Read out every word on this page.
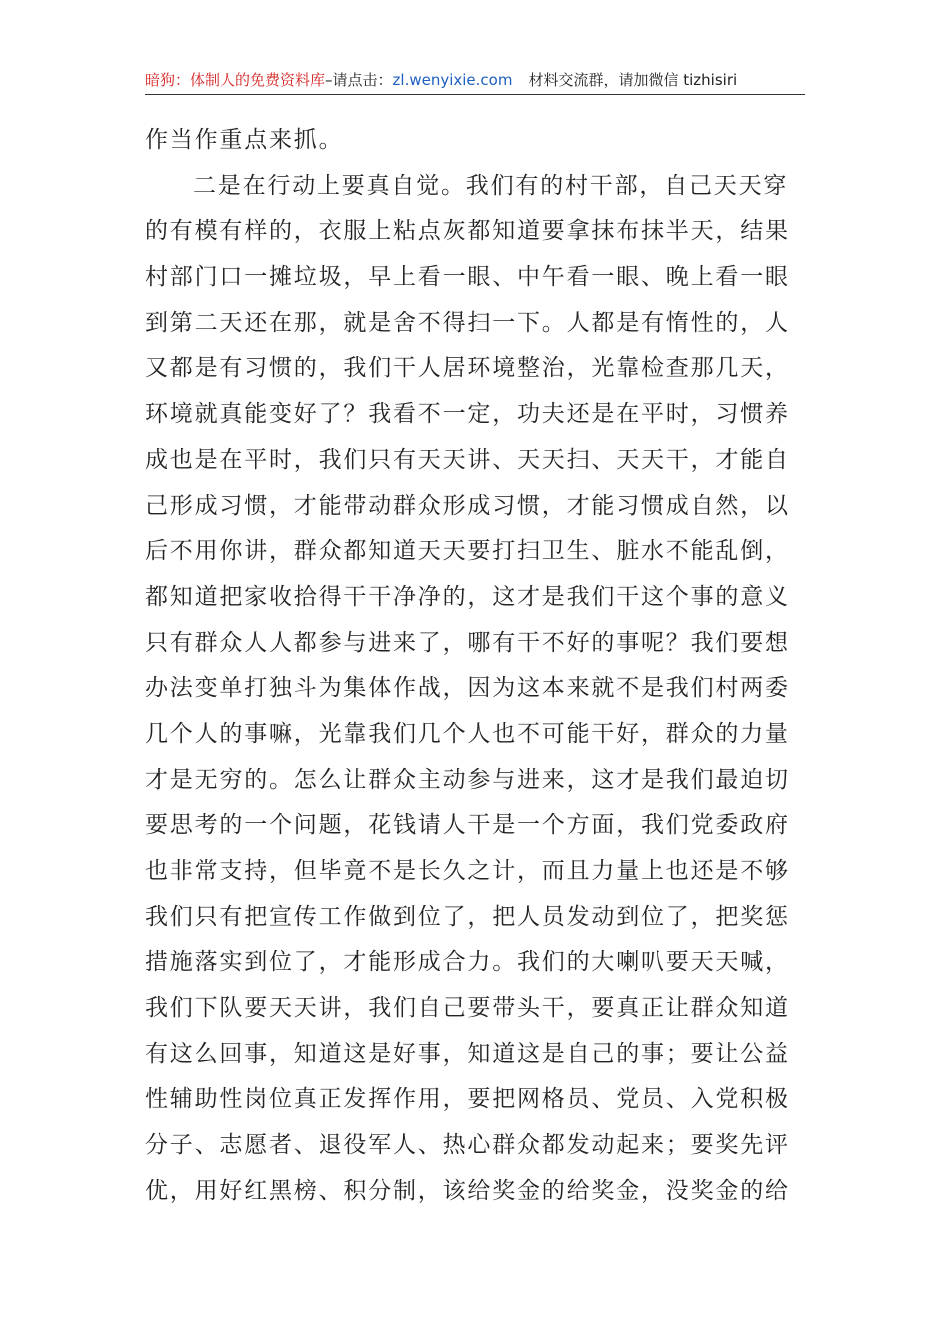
暗狗：体制人的免费资料库–请点击：zl.wenyixie.com 材料交流群，请加微信 tizhisiri
作当作重点来抓。
二是在行动上要真自觉。我们有的村干部，自己天天穿
的有模有样的，衣服上粘点灰都知道要拿抹布抹半天，结果
村部门口一摊垃圾，早上看一眼、中午看一眼、晚上看一眼
到第二天还在那，就是舍不得扫一下。人都是有惰性的，人
又都是有习惯的，我们干人居环境整治，光靠检查那几天，
环境就真能变好了？我看不一定，功夫还是在平时，习惯养
成也是在平时，我们只有天天讲、天天扫、天天干，才能自
己形成习惯，才能带动群众形成习惯，才能习惯成自然，以
后不用你讲，群众都知道天天要打扫卫生、脏水不能乱倒，
都知道把家收拾得干干净净的，这才是我们干这个事的意义
只有群众人人都参与进来了，哪有干不好的事呢？我们要想
办法变单打独斗为集体作战，因为这本来就不是我们村两委
几个人的事嘛，光靠我们几个人也不可能干好，群众的力量
才是无穷的。怎么让群众主动参与进来，这才是我们最迫切
要思考的一个问题，花钱请人干是一个方面，我们党委政府
也非常支持，但毕竟不是长久之计，而且力量上也还是不够
我们只有把宣传工作做到位了，把人员发动到位了，把奖惩
措施落实到位了，才能形成合力。我们的大喇叭要天天喊，
我们下队要天天讲，我们自己要带头干，要真正让群众知道
有这么回事，知道这是好事，知道这是自己的事；要让公益
性辅助性岗位真正发挥作用，要把网格员、党员、入党积极
分子、志愿者、退役军人、热心群众都发动起来；要奖先评
优，用好红黑榜、积分制，该给奖金的给奖金，没奖金的给
